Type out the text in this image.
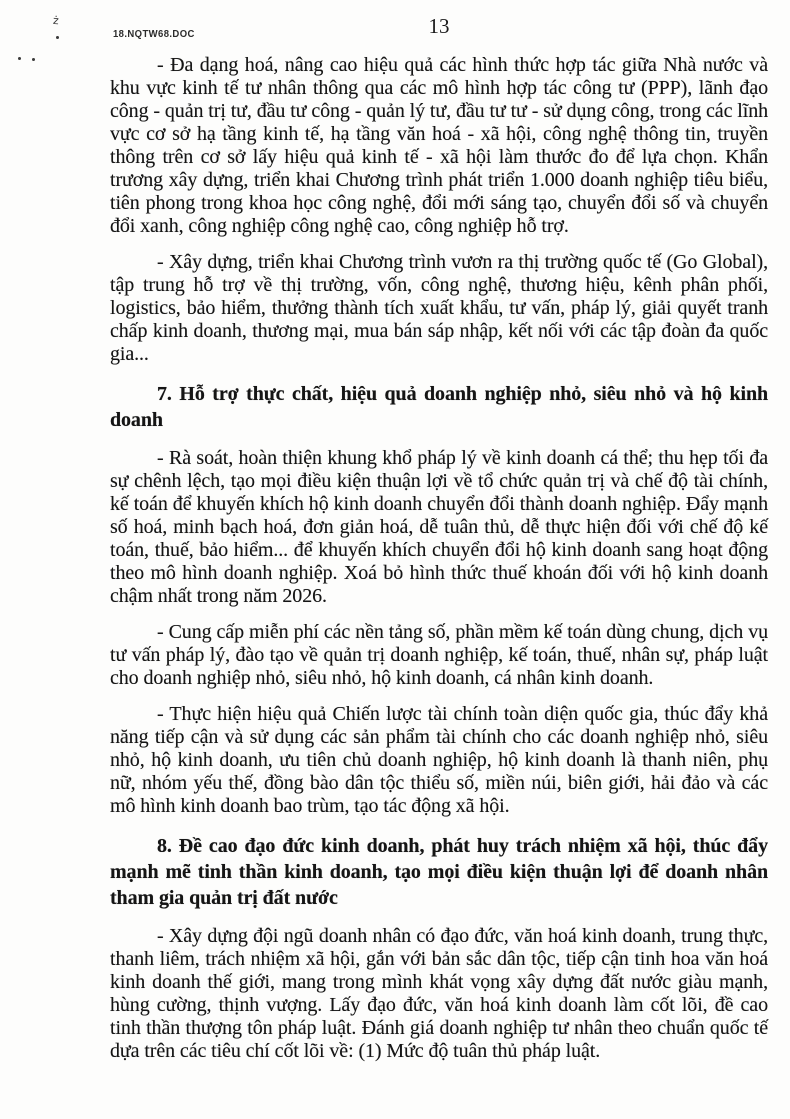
ż
18.NQTW68.DOC	13

- Đa dạng hoá, nâng cao hiệu quả các hình thức hợp tác giữa Nhà nước và khu vực kinh tế tư nhân thông qua các mô hình hợp tác công tư (PPP), lãnh đạo công - quản trị tư, đầu tư công - quản lý tư, đầu tư tư - sử dụng công, trong các lĩnh vực cơ sở hạ tầng kinh tế, hạ tầng văn hoá - xã hội, công nghệ thông tin, truyền thông trên cơ sở lấy hiệu quả kinh tế - xã hội làm thước đo để lựa chọn. Khẩn trương xây dựng, triển khai Chương trình phát triển 1.000 doanh nghiệp tiêu biểu, tiên phong trong khoa học công nghệ, đổi mới sáng tạo, chuyển đổi số và chuyển đổi xanh, công nghiệp công nghệ cao, công nghiệp hỗ trợ.

- Xây dựng, triển khai Chương trình vươn ra thị trường quốc tế (Go Global), tập trung hỗ trợ về thị trường, vốn, công nghệ, thương hiệu, kênh phân phối, logistics, bảo hiểm, thưởng thành tích xuất khẩu, tư vấn, pháp lý, giải quyết tranh chấp kinh doanh, thương mại, mua bán sáp nhập, kết nối với các tập đoàn đa quốc gia...

7. Hỗ trợ thực chất, hiệu quả doanh nghiệp nhỏ, siêu nhỏ và hộ kinh doanh

- Rà soát, hoàn thiện khung khổ pháp lý về kinh doanh cá thể; thu hẹp tối đa sự chênh lệch, tạo mọi điều kiện thuận lợi về tổ chức quản trị và chế độ tài chính, kế toán để khuyến khích hộ kinh doanh chuyển đổi thành doanh nghiệp. Đẩy mạnh số hoá, minh bạch hoá, đơn giản hoá, dễ tuân thủ, dễ thực hiện đối với chế độ kế toán, thuế, bảo hiểm... để khuyến khích chuyển đổi hộ kinh doanh sang hoạt động theo mô hình doanh nghiệp. Xoá bỏ hình thức thuế khoán đối với hộ kinh doanh chậm nhất trong năm 2026.

- Cung cấp miễn phí các nền tảng số, phần mềm kế toán dùng chung, dịch vụ tư vấn pháp lý, đào tạo về quản trị doanh nghiệp, kế toán, thuế, nhân sự, pháp luật cho doanh nghiệp nhỏ, siêu nhỏ, hộ kinh doanh, cá nhân kinh doanh.

- Thực hiện hiệu quả Chiến lược tài chính toàn diện quốc gia, thúc đẩy khả năng tiếp cận và sử dụng các sản phẩm tài chính cho các doanh nghiệp nhỏ, siêu nhỏ, hộ kinh doanh, ưu tiên chủ doanh nghiệp, hộ kinh doanh là thanh niên, phụ nữ, nhóm yếu thế, đồng bào dân tộc thiểu số, miền núi, biên giới, hải đảo và các mô hình kinh doanh bao trùm, tạo tác động xã hội.

8. Đề cao đạo đức kinh doanh, phát huy trách nhiệm xã hội, thúc đẩy mạnh mẽ tinh thần kinh doanh, tạo mọi điều kiện thuận lợi để doanh nhân tham gia quản trị đất nước

- Xây dựng đội ngũ doanh nhân có đạo đức, văn hoá kinh doanh, trung thực, thanh liêm, trách nhiệm xã hội, gắn với bản sắc dân tộc, tiếp cận tinh hoa văn hoá kinh doanh thế giới, mang trong mình khát vọng xây dựng đất nước giàu mạnh, hùng cường, thịnh vượng. Lấy đạo đức, văn hoá kinh doanh làm cốt lõi, đề cao tinh thần thượng tôn pháp luật. Đánh giá doanh nghiệp tư nhân theo chuẩn quốc tế dựa trên các tiêu chí cốt lõi về: (1) Mức độ tuân thủ pháp luật.
